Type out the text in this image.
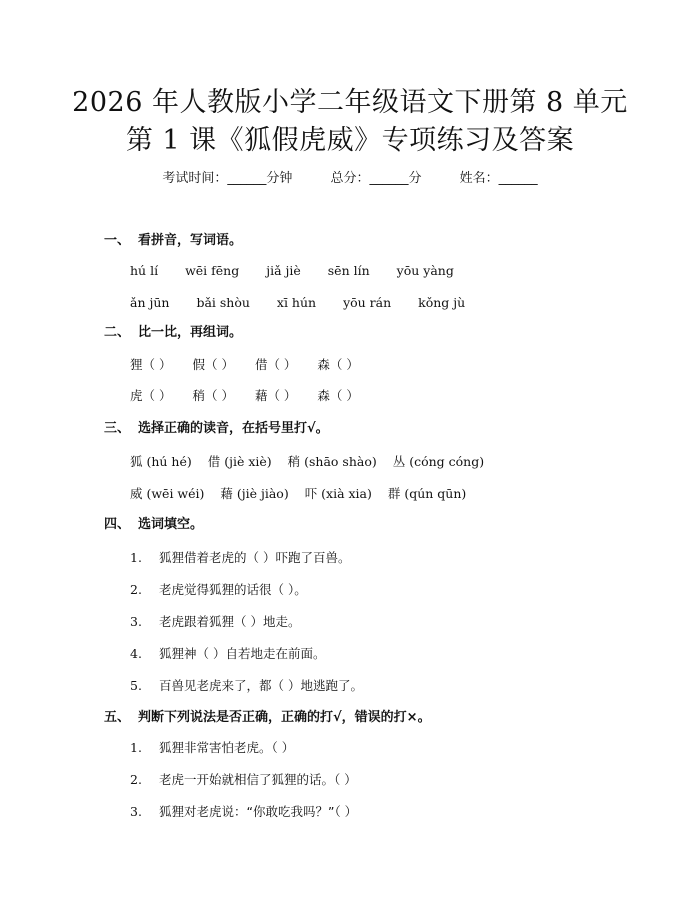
2026 年人教版小学二年级语文下册第 8 单元
第 1 课《狐假虎威》专项练习及答案
考试时间：______分钟	总分：______分	姓名：______
一、 看拼音，写词语。
hú lí wēi fēng jiǎ jiè sēn lín yōu yàng
ǎn jūn bǎi shòu xī hún yōu rán kǒng jù
二、 比一比，再组词。
狸（ ） 假（ ） 借（ ） 森（ ）
虎（ ） 稍（ ） 藉（ ） 森（ ）
三、 选择正确的读音，在括号里打√。
狐 (hú hé) 借 (jiè xiè) 稍 (shāo shào) 丛 (cóng cóng)
威 (wēi wéi) 藉 (jiè jiào) 吓 (xià xia) 群 (qún qūn)
四、 选词填空。
1. 狐狸借着老虎的（ ）吓跑了百兽。
2. 老虎觉得狐狸的话很（ ）。
3. 老虎跟着狐狸（ ）地走。
4. 狐狸神（ ）自若地走在前面。
5. 百兽见老虎来了，都（ ）地逃跑了。
五、 判断下列说法是否正确，正确的打√，错误的打×。
1. 狐狸非常害怕老虎。（ ）
2. 老虎一开始就相信了狐狸的话。（ ）
3. 狐狸对老虎说：“你敢吃我吗？”（ ）
